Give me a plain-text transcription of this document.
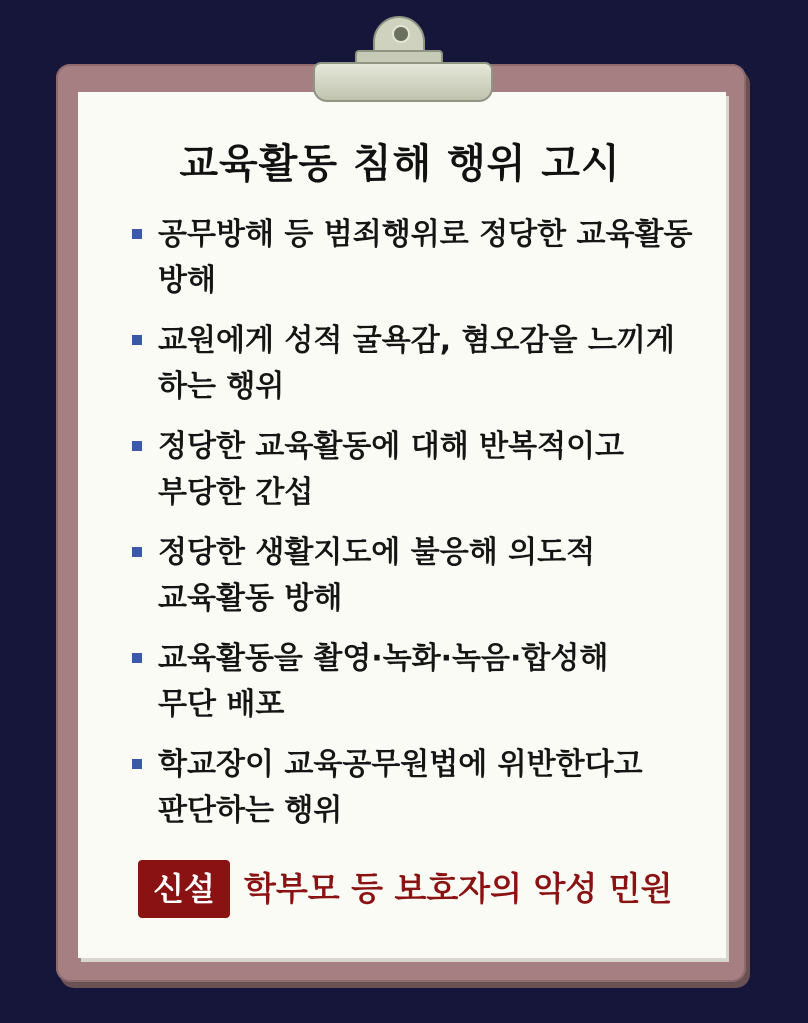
교육활동 침해 행위 고시
공무방해 등 범죄행위로 정당한 교육활동
방해
교원에게 성적 굴욕감, 혐오감을 느끼게
하는 행위
정당한 교육활동에 대해 반복적이고
부당한 간섭
정당한 생활지도에 불응해 의도적
교육활동 방해
교육활동을 촬영·녹화·녹음·합성해
무단 배포
학교장이 교육공무원법에 위반한다고
판단하는 행위
신설 학부모 등 보호자의 악성 민원
